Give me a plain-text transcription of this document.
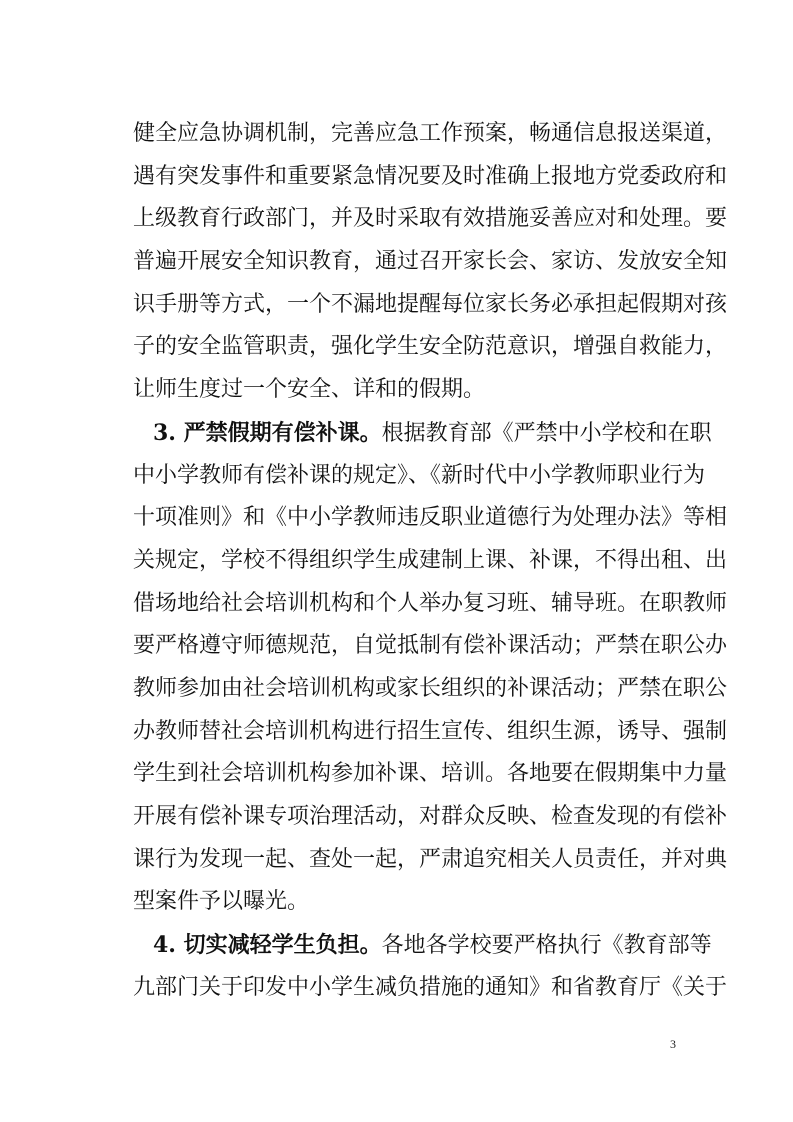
健全应急协调机制，完善应急工作预案，畅通信息报送渠道，
遇有突发事件和重要紧急情况要及时准确上报地方党委政府和
上级教育行政部门，并及时采取有效措施妥善应对和处理。要
普遍开展安全知识教育，通过召开家长会、家访、发放安全知
识手册等方式，一个不漏地提醒每位家长务必承担起假期对孩
子的安全监管职责，强化学生安全防范意识，增强自救能力，
让师生度过一个安全、详和的假期。
3. 严禁假期有偿补课。根据教育部《严禁中小学校和在职
中小学教师有偿补课的规定》、《新时代中小学教师职业行为
十项准则》和《中小学教师违反职业道德行为处理办法》等相
关规定，学校不得组织学生成建制上课、补课，不得出租、出
借场地给社会培训机构和个人举办复习班、辅导班。在职教师
要严格遵守师德规范，自觉抵制有偿补课活动；严禁在职公办
教师参加由社会培训机构或家长组织的补课活动；严禁在职公
办教师替社会培训机构进行招生宣传、组织生源，诱导、强制
学生到社会培训机构参加补课、培训。各地要在假期集中力量
开展有偿补课专项治理活动，对群众反映、检查发现的有偿补
课行为发现一起、查处一起，严肃追究相关人员责任，并对典
型案件予以曝光。
4. 切实减轻学生负担。各地各学校要严格执行《教育部等
九部门关于印发中小学生减负措施的通知》和省教育厅《关于
3
